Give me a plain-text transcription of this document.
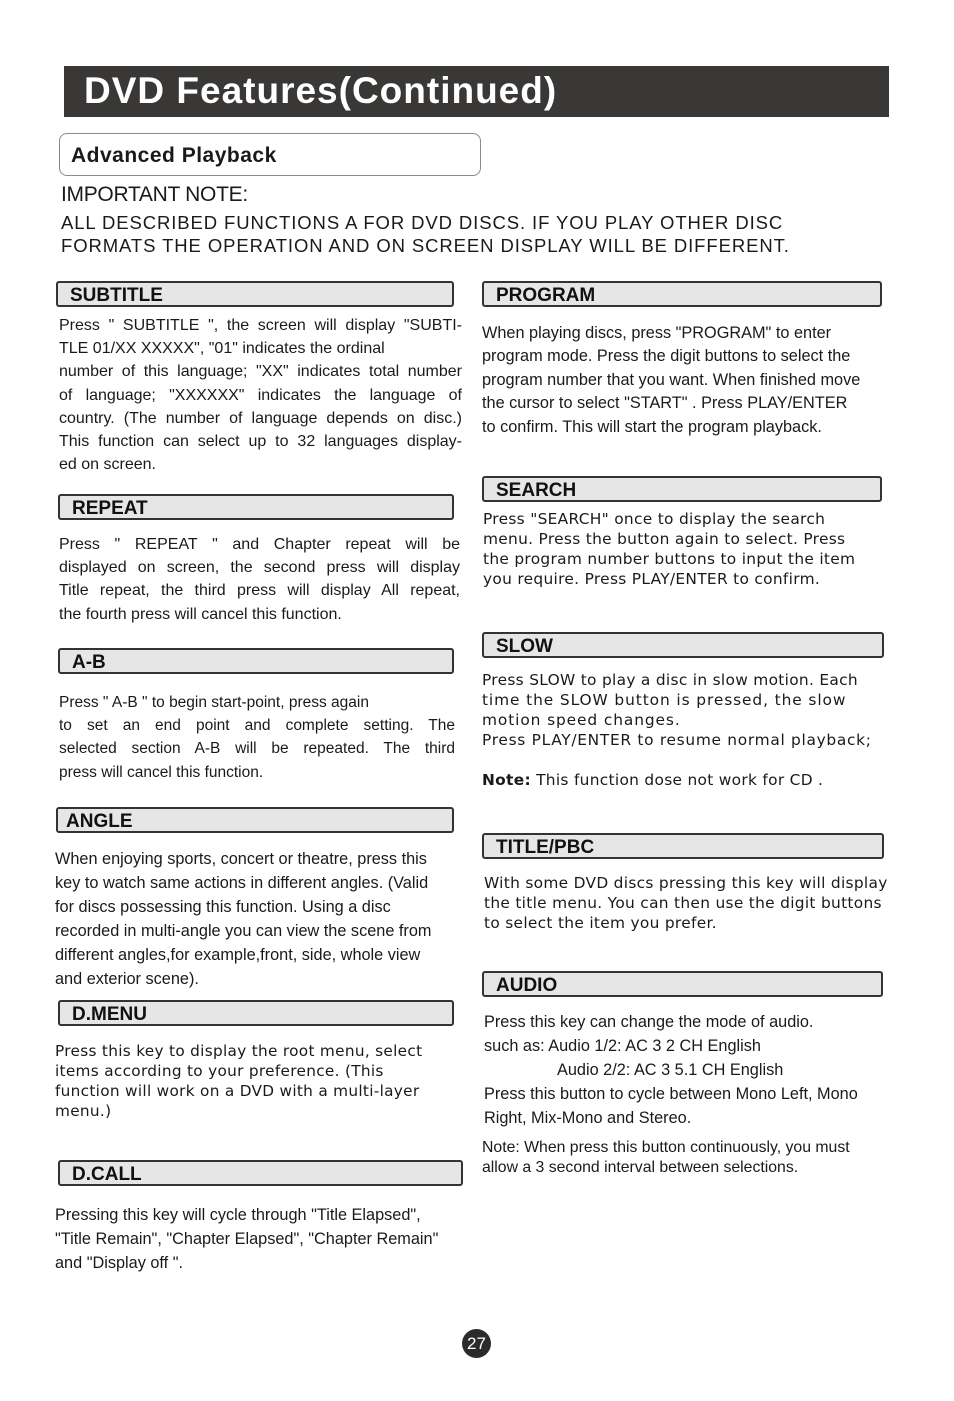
DVD Features(Continued)
Advanced Playback
IMPORTANT NOTE:
ALL DESCRIBED FUNCTIONS A FOR DVD DISCS. IF YOU PLAY OTHER DISC
FORMATS THE OPERATION AND ON SCREEN DISPLAY WILL BE DIFFERENT.
SUBTITLE
Press " SUBTITLE ", the screen will display "SUBTI-
TLE 01/XX XXXXX", "01" indicates the ordinal
number of this language; "XX" indicates total number
of language; "XXXXXX" indicates the language of
country. (The number of language depends on disc.)
This function can select up to 32 languages display-
ed on screen.
REPEAT
Press " REPEAT " and Chapter repeat will be
displayed on screen, the second press will display
Title repeat, the third press will display All repeat,
the fourth press will cancel this function.
A-B
Press " A-B " to begin start-point, press again
to set an end point and complete setting. The
selected section A-B will be repeated. The third
press will cancel this function.
ANGLE
When enjoying sports, concert or theatre, press this
key to watch same actions in different angles. (Valid
for discs possessing this function. Using a disc
recorded in multi-angle you can view the scene from
different angles,for example,front, side, whole view
and exterior scene).
D.MENU
Press this key to display the root menu, select
items according to your preference. (This
function will work on a DVD with a multi-layer
menu.)
D.CALL
Pressing this key will cycle through "Title Elapsed",
"Title Remain", "Chapter Elapsed", "Chapter Remain"
and "Display off ".
PROGRAM
When playing discs, press "PROGRAM" to enter
program mode. Press the digit buttons to select the
program number that you want. When finished move
the cursor to select "START" . Press PLAY/ENTER
to confirm. This will start the program playback.
SEARCH
Press "SEARCH" once to display the search
menu. Press the button again to select. Press
the program number buttons to input the item
you require. Press PLAY/ENTER to confirm.
SLOW
Press SLOW to play a disc in slow motion. Each
time the SLOW button is pressed, the slow
motion speed changes.
Press PLAY/ENTER to resume normal playback;
Note: This function dose not work for CD .
TITLE/PBC
With some DVD discs pressing this key will display
the title menu. You can then use the digit buttons
to select the item you prefer.
AUDIO
Press this key can change the mode of audio.
such as: Audio 1/2: AC 3 2 CH English
Audio 2/2: AC 3 5.1 CH English
Press this button to cycle between Mono Left, Mono
Right, Mix-Mono and Stereo.
Note: When press this button continuously, you must
allow a 3 second interval between selections.
27
